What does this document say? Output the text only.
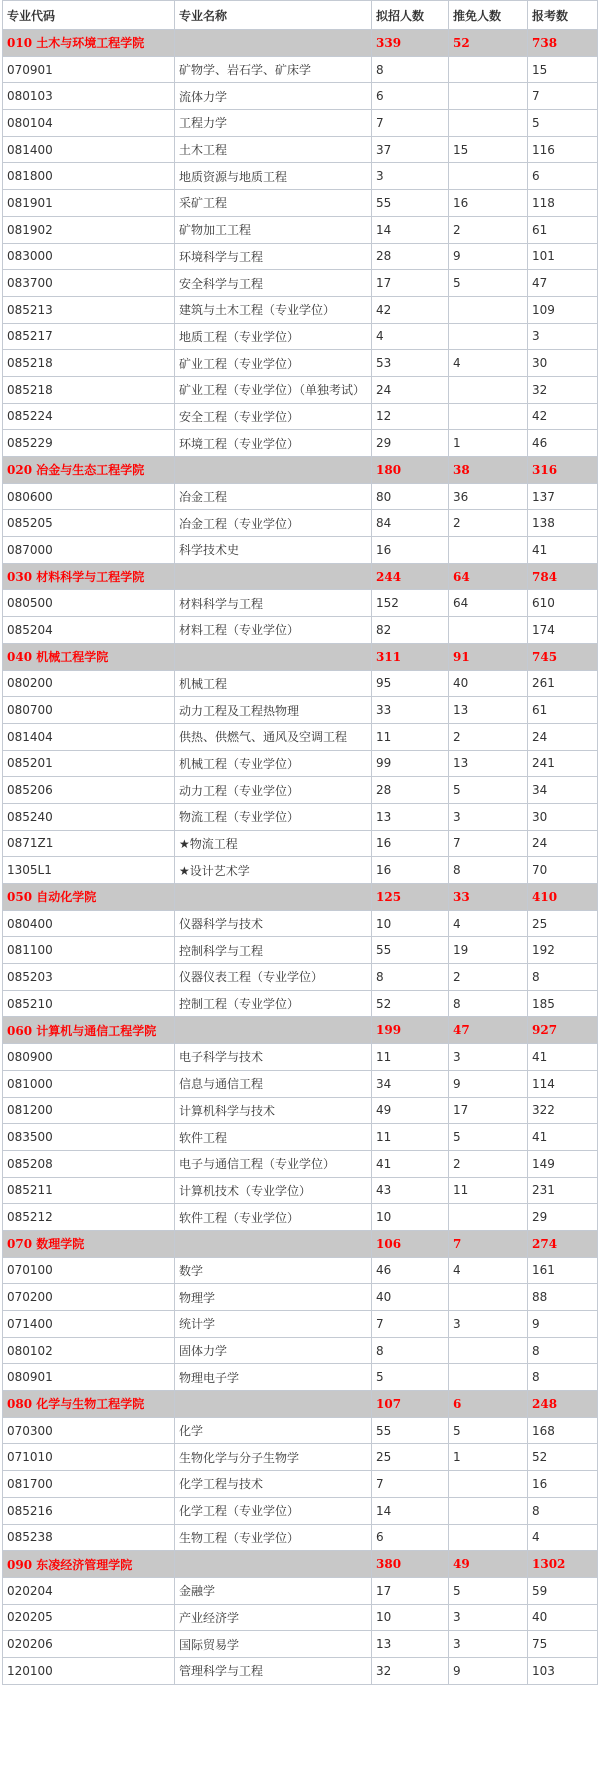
专业代码	专业名称	拟招人数	推免人数	报考数
010 土木与环境工程学院		339	52	738
070901	矿物学、岩石学、矿床学	8		15
080103	流体力学	6		7
080104	工程力学	7		5
081400	土木工程	37	15	116
081800	地质资源与地质工程	3		6
081901	采矿工程	55	16	118
081902	矿物加工工程	14	2	61
083000	环境科学与工程	28	9	101
083700	安全科学与工程	17	5	47
085213	建筑与土木工程（专业学位）	42		109
085217	地质工程（专业学位）	4		3
085218	矿业工程（专业学位）	53	4	30
085218	矿业工程（专业学位）（单独考试）	24		32
085224	安全工程（专业学位）	12		42
085229	环境工程（专业学位）	29	1	46
020 冶金与生态工程学院		180	38	316
080600	冶金工程	80	36	137
085205	冶金工程（专业学位）	84	2	138
087000	科学技术史	16		41
030 材料科学与工程学院		244	64	784
080500	材料科学与工程	152	64	610
085204	材料工程（专业学位）	82		174
040 机械工程学院		311	91	745
080200	机械工程	95	40	261
080700	动力工程及工程热物理	33	13	61
081404	供热、供燃气、通风及空调工程	11	2	24
085201	机械工程（专业学位）	99	13	241
085206	动力工程（专业学位）	28	5	34
085240	物流工程（专业学位）	13	3	30
0871Z1	★物流工程	16	7	24
1305L1	★设计艺术学	16	8	70
050 自动化学院		125	33	410
080400	仪器科学与技术	10	4	25
081100	控制科学与工程	55	19	192
085203	仪器仪表工程（专业学位）	8	2	8
085210	控制工程（专业学位）	52	8	185
060 计算机与通信工程学院		199	47	927
080900	电子科学与技术	11	3	41
081000	信息与通信工程	34	9	114
081200	计算机科学与技术	49	17	322
083500	软件工程	11	5	41
085208	电子与通信工程（专业学位）	41	2	149
085211	计算机技术（专业学位）	43	11	231
085212	软件工程（专业学位）	10		29
070 数理学院		106	7	274
070100	数学	46	4	161
070200	物理学	40		88
071400	统计学	7	3	9
080102	固体力学	8		8
080901	物理电子学	5		8
080 化学与生物工程学院		107	6	248
070300	化学	55	5	168
071010	生物化学与分子生物学	25	1	52
081700	化学工程与技术	7		16
085216	化学工程（专业学位）	14		8
085238	生物工程（专业学位）	6		4
090 东凌经济管理学院		380	49	1302
020204	金融学	17	5	59
020205	产业经济学	10	3	40
020206	国际贸易学	13	3	75
120100	管理科学与工程	32	9	103
